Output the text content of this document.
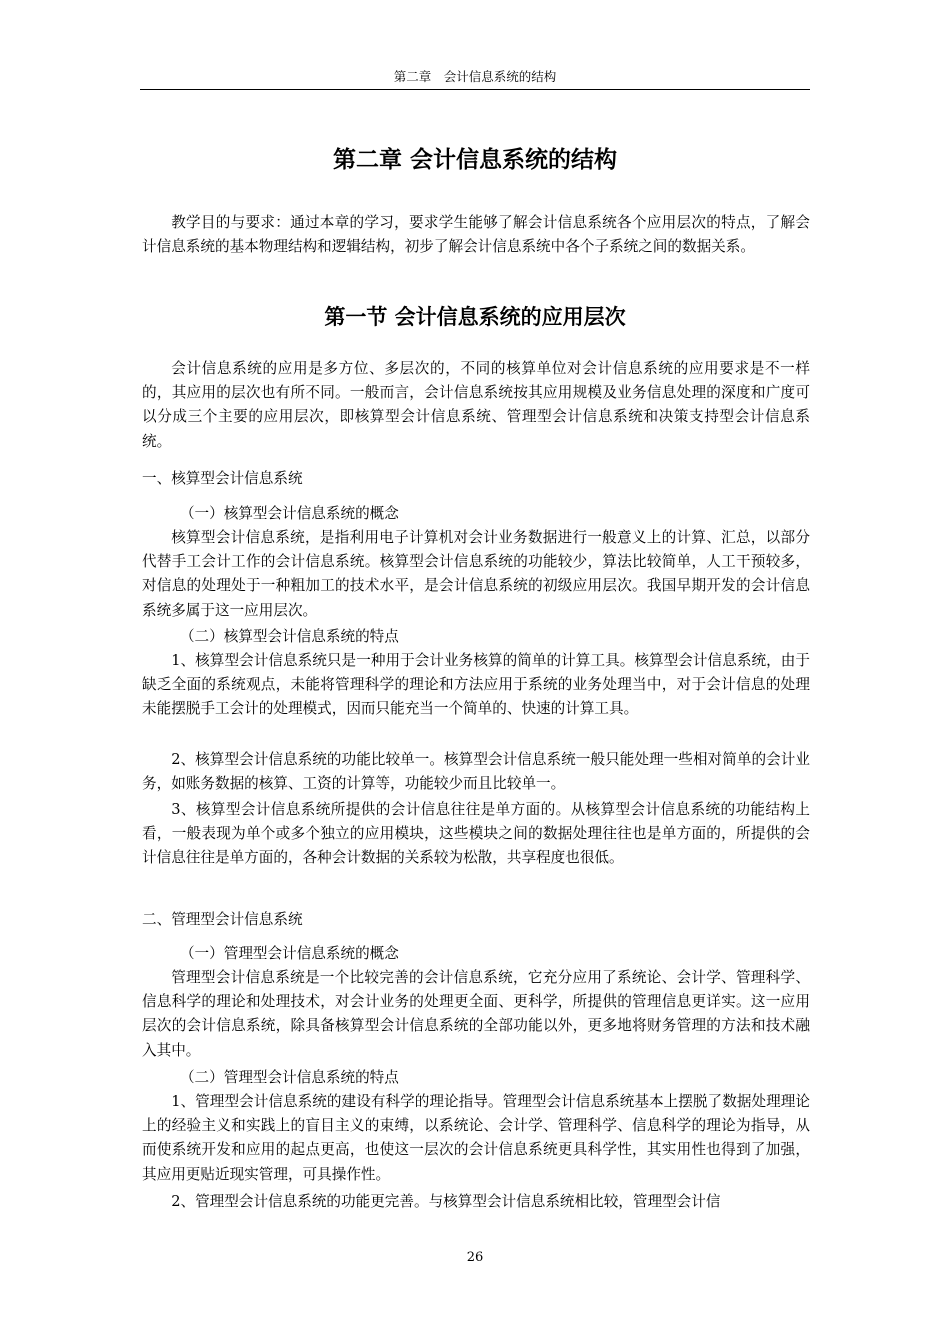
第二章　会计信息系统的结构
第二章 会计信息系统的结构

教学目的与要求：通过本章的学习，要求学生能够了解会计信息系统各个应用层次的特点，了解会计信息系统的基本物理结构和逻辑结构，初步了解会计信息系统中各个子系统之间的数据关系。

第一节 会计信息系统的应用层次

会计信息系统的应用是多方位、多层次的，不同的核算单位对会计信息系统的应用要求是不一样的，其应用的层次也有所不同。一般而言，会计信息系统按其应用规模及业务信息处理的深度和广度可以分成三个主要的应用层次，即核算型会计信息系统、管理型会计信息系统和决策支持型会计信息系统。

一、核算型会计信息系统

（一）核算型会计信息系统的概念

核算型会计信息系统，是指利用电子计算机对会计业务数据进行一般意义上的计算、汇总，以部分代替手工会计工作的会计信息系统。核算型会计信息系统的功能较少，算法比较简单，人工干预较多，对信息的处理处于一种粗加工的技术水平，是会计信息系统的初级应用层次。我国早期开发的会计信息系统多属于这一应用层次。

（二）核算型会计信息系统的特点

1、核算型会计信息系统只是一种用于会计业务核算的简单的计算工具。核算型会计信息系统，由于缺乏全面的系统观点，未能将管理科学的理论和方法应用于系统的业务处理当中，对于会计信息的处理未能摆脱手工会计的处理模式，因而只能充当一个简单的、快速的计算工具。

2、核算型会计信息系统的功能比较单一。核算型会计信息系统一般只能处理一些相对简单的会计业务，如账务数据的核算、工资的计算等，功能较少而且比较单一。

3、核算型会计信息系统所提供的会计信息往往是单方面的。从核算型会计信息系统的功能结构上看，一般表现为单个或多个独立的应用模块，这些模块之间的数据处理往往也是单方面的，所提供的会计信息往往是单方面的，各种会计数据的关系较为松散，共享程度也很低。

二、管理型会计信息系统

（一）管理型会计信息系统的概念

管理型会计信息系统是一个比较完善的会计信息系统，它充分应用了系统论、会计学、管理科学、信息科学的理论和处理技术，对会计业务的处理更全面、更科学，所提供的管理信息更详实。这一应用层次的会计信息系统，除具备核算型会计信息系统的全部功能以外，更多地将财务管理的方法和技术融入其中。

（二）管理型会计信息系统的特点

1、管理型会计信息系统的建设有科学的理论指导。管理型会计信息系统基本上摆脱了数据处理理论上的经验主义和实践上的盲目主义的束缚，以系统论、会计学、管理科学、信息科学的理论为指导，从而使系统开发和应用的起点更高，也使这一层次的会计信息系统更具科学性，其实用性也得到了加强，其应用更贴近现实管理，可具操作性。

2、管理型会计信息系统的功能更完善。与核算型会计信息系统相比较，管理型会计信

26
